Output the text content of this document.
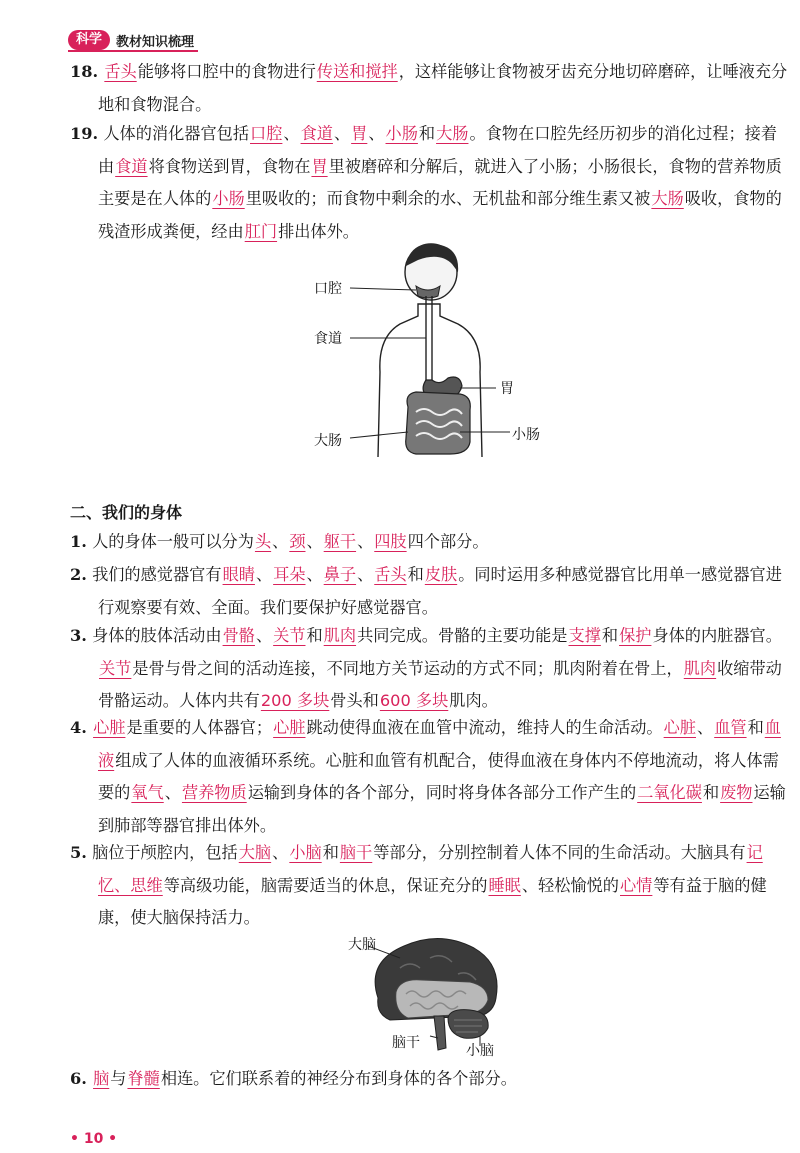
科学	教材知识梳理
18. 舌头能够将口腔中的食物进行传送和搅拌，这样能够让食物被牙齿充分地切碎磨碎，让唾液充分地和食物混合。
19. 人体的消化器官包括口腔、食道、胃、小肠和大肠。食物在口腔先经历初步的消化过程；接着由食道将食物送到胃，食物在胃里被磨碎和分解后，就进入了小肠；小肠很长，食物的营养物质主要是在人体的小肠里吸收的；而食物中剩余的水、无机盐和部分维生素又被大肠吸收，食物的残渣形成粪便，经由肛门排出体外。
口腔
食道
胃
大肠	小肠
二、我们的身体
1. 人的身体一般可以分为头、颈、躯干、四肢四个部分。
2. 我们的感觉器官有眼睛、耳朵、鼻子、舌头和皮肤。同时运用多种感觉器官比用单一感觉器官进行观察要有效、全面。我们要保护好感觉器官。
3. 身体的肢体活动由骨骼、关节和肌肉共同完成。骨骼的主要功能是支撑和保护身体的内脏器官。关节是骨与骨之间的活动连接，不同地方关节运动的方式不同；肌肉附着在骨上，肌肉收缩带动骨骼运动。人体内共有200 多块骨头和600 多块肌肉。
4. 心脏是重要的人体器官；心脏跳动使得血液在血管中流动，维持人的生命活动。心脏、血管和血液组成了人体的血液循环系统。心脏和血管有机配合，使得血液在身体内不停地流动，将人体需要的氧气、营养物质运输到身体的各个部分，同时将身体各部分工作产生的二氧化碳和废物运输到肺部等器官排出体外。
5. 脑位于颅腔内，包括大脑、小脑和脑干等部分，分别控制着人体不同的生命活动。大脑具有记忆、思维等高级功能，脑需要适当的休息，保证充分的睡眠、轻松愉悦的心情等有益于脑的健康，使大脑保持活力。
大脑
脑干	小脑
6. 脑与脊髓相连。它们联系着的神经分布到身体的各个部分。
• 10 •
